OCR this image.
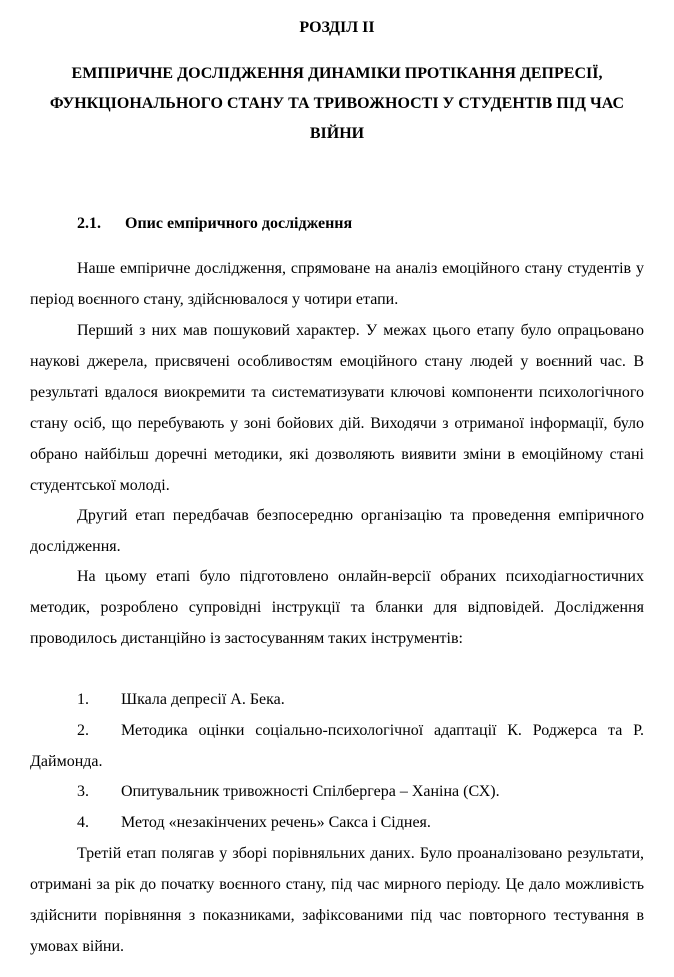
РОЗДІЛ ІІ
ЕМПІРИЧНЕ ДОСЛІДЖЕННЯ ДИНАМІКИ ПРОТІКАННЯ ДЕПРЕСІЇ, ФУНКЦІОНАЛЬНОГО СТАНУ ТА ТРИВОЖНОСТІ У СТУДЕНТІВ ПІД ЧАС ВІЙНИ
2.1. Опис емпіричного дослідження
Наше емпіричне дослідження, спрямоване на аналіз емоційного стану студентів у період воєнного стану, здійснювалося у чотири етапи.
Перший з них мав пошуковий характер. У межах цього етапу було опрацьовано наукові джерела, присвячені особливостям емоційного стану людей у воєнний час. В результаті вдалося виокремити та систематизувати ключові компоненти психологічного стану осіб, що перебувають у зоні бойових дій. Виходячи з отриманої інформації, було обрано найбільш доречні методики, які дозволяють виявити зміни в емоційному стані студентської молоді.
Другий етап передбачав безпосередню організацію та проведення емпіричного дослідження.
На цьому етапі було підготовлено онлайн-версії обраних психодіагностичних методик, розроблено супровідні інструкції та бланки для відповідей. Дослідження проводилось дистанційно із застосуванням таких інструментів:
1. Шкала депресії А. Бека.
2. Методика оцінки соціально-психологічної адаптації К. Роджерса та Р. Даймонда.
3. Опитувальник тривожності Спілбергера – Ханіна (СХ).
4. Метод «незакінчених речень» Сакса і Сіднея.
Третій етап полягав у зборі порівняльних даних. Було проаналізовано результати, отримані за рік до початку воєнного стану, під час мирного періоду. Це дало можливість здійснити порівняння з показниками, зафіксованими під час повторного тестування в умовах війни.
